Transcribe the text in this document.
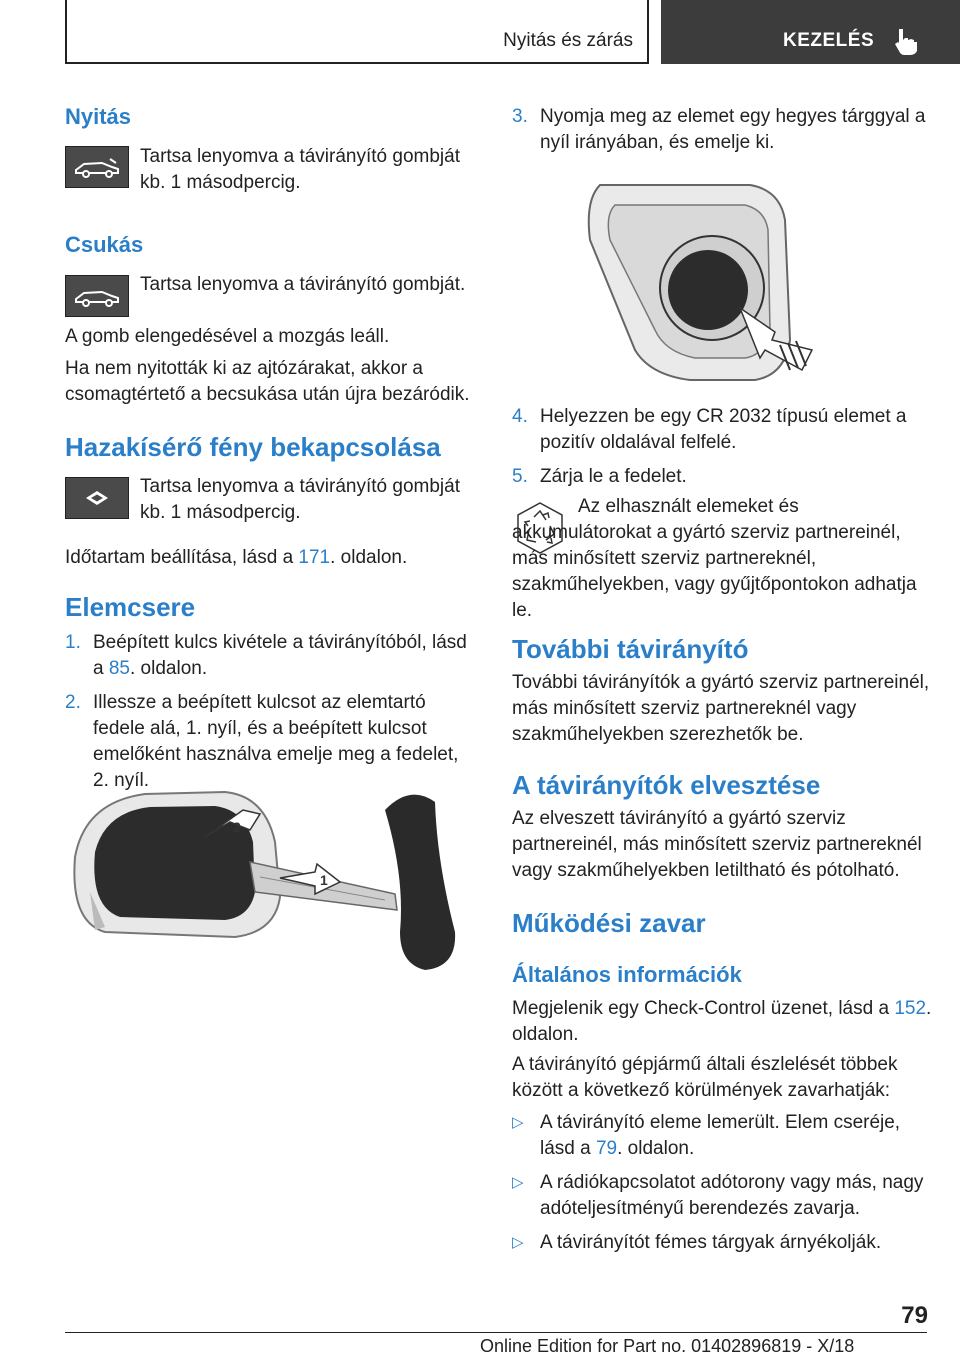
Nyitás és zárás	KEZELÉS
Nyitás
Tartsa lenyomva a távirányító gombját kb. 1 másodpercig.
Csukás
Tartsa lenyomva a távirányító gombját.
A gomb elengedésével a mozgás leáll.
Ha nem nyitották ki az ajtózárakat, akkor a csomagtértető a becsukása után újra bezáródik.
Hazakísérő fény bekapcsolása
Tartsa lenyomva a távirányító gombját kb. 1 másodpercig.
Időtartam beállítása, lásd a 171. oldalon.
Elemcsere
1. Beépített kulcs kivétele a távirányítóból, lásd a 85. oldalon.
2. Illessze a beépített kulcsot az elemtartó fedele alá, 1. nyíl, és a beépített kulcsot emelőként használva emelje meg a fedelet, 2. nyíl.
2
1
3. Nyomja meg az elemet egy hegyes tárggyal a nyíl irányában, és emelje ki.
4. Helyezzen be egy CR 2032 típusú elemet a pozitív oldalával felfelé.
5. Zárja le a fedelet.
Az elhasznált elemeket és akkumulátorokat a gyártó szerviz partnereinél, más minősített szerviz partnereknél, szakműhelyekben, vagy gyűjtőpontokon adhatja le.
További távirányító
További távirányítók a gyártó szerviz partnereinél, más minősített szerviz partnereknél vagy szakműhelyekben szerezhetők be.
A távirányítók elvesztése
Az elveszett távirányító a gyártó szerviz partnereinél, más minősített szerviz partnereknél vagy szakműhelyekben letiltható és pótolható.
Működési zavar
Általános információk
Megjelenik egy Check-Control üzenet, lásd a 152. oldalon.
A távirányító gépjármű általi észlelését többek között a következő körülmények zavarhatják:
▷ A távirányító eleme lemerült. Elem cseréje, lásd a 79. oldalon.
▷ A rádiókapcsolatot adótorony vagy más, nagy adóteljesítményű berendezés zavarja.
▷ A távirányítót fémes tárgyak árnyékolják.
79
Online Edition for Part no. 01402896819 - X/18
